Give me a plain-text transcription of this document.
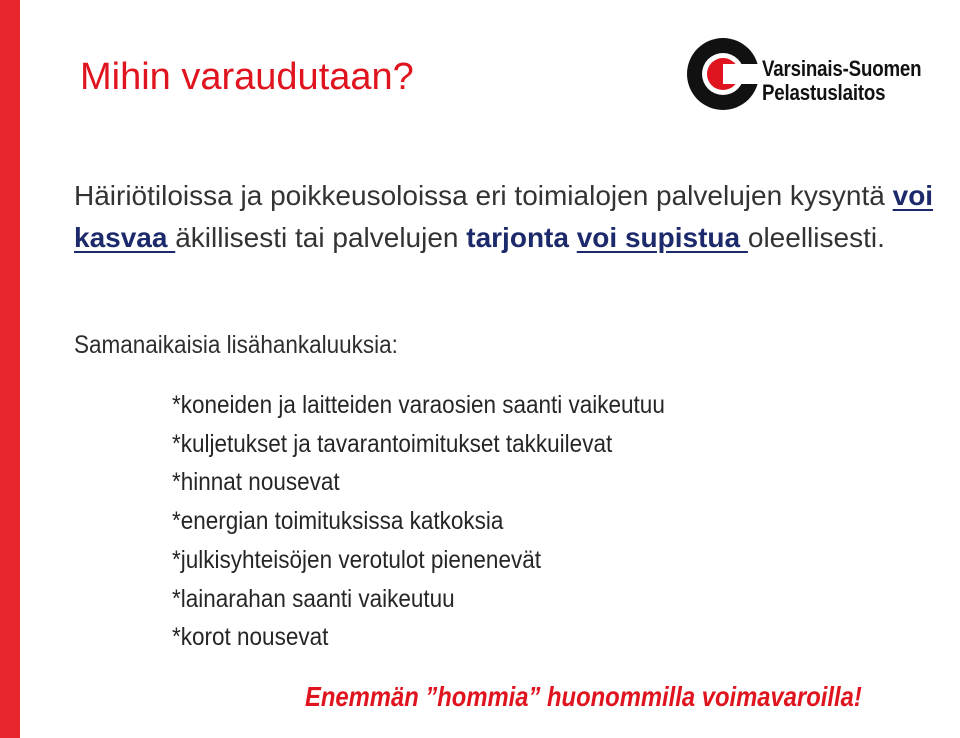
Mihin varaudutaan?	Varsinais-Suomen
Pelastuslaitos

Häiriötiloissa ja poikkeusoloissa eri toimialojen palvelujen kysyntä voi kasvaa äkillisesti tai palvelujen tarjonta voi supistua oleellisesti.

Samanaikaisia lisähankaluuksia:

*koneiden ja laitteiden varaosien saanti vaikeutuu
*kuljetukset ja tavarantoimitukset takkuilevat
*hinnat nousevat
*energian toimituksissa katkoksia
*julkisyhteisöjen verotulot pienenevät
*lainarahan saanti vaikeutuu
*korot nousevat

Enemmän ”hommia” huonommilla voimavaroilla!
